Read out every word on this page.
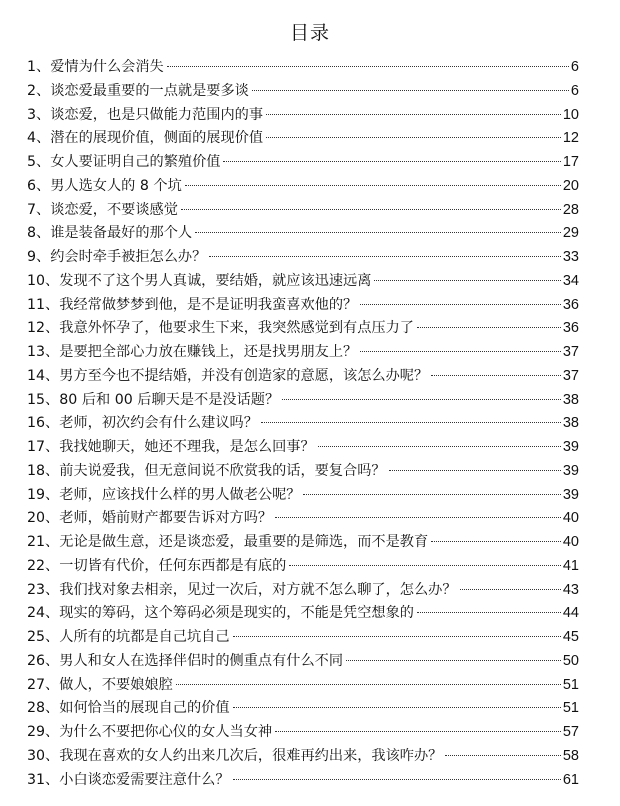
目录
1、 爱情为什么会消失	6
2、 谈恋爱最重要的一点就是要多谈	6
3、 谈恋爱，也是只做能力范围内的事	10
4、 潜在的展现价值，侧面的展现价值	12
5、 女人要证明自己的繁殖价值	17
6、 男人选女人的 8 个坑	20
7、 谈恋爱，不要谈感觉	28
8、 谁是装备最好的那个人	29
9、 约会时牵手被拒怎么办？	33
10、 发现不了这个男人真诚，要结婚，就应该迅速远离	34
11、 我经常做梦梦到他，是不是证明我蛮喜欢他的？	36
12、 我意外怀孕了，他要求生下来，我突然感觉到有点压力了	36
13、 是要把全部心力放在赚钱上，还是找男朋友上？	37
14、 男方至今也不提结婚，并没有创造家的意愿，该怎么办呢？	37
15、 80 后和 00 后聊天是不是没话题？	38
16、 老师，初次约会有什么建议吗？	38
17、 我找她聊天，她还不理我，是怎么回事？	39
18、 前夫说爱我，但无意间说不欣赏我的话，要复合吗？	39
19、 老师，应该找什么样的男人做老公呢？	39
20、 老师，婚前财产都要告诉对方吗？	40
21、 无论是做生意，还是谈恋爱，最重要的是筛选，而不是教育	40
22、 一切皆有代价，任何东西都是有底的	41
23、 我们找对象去相亲，见过一次后，对方就不怎么聊了，怎么办？	43
24、 现实的筹码，这个筹码必须是现实的，不能是凭空想象的	44
25、 人所有的坑都是自己坑自己	45
26、 男人和女人在选择伴侣时的侧重点有什么不同	50
27、 做人，不要娘娘腔	51
28、 如何恰当的展现自己的价值	51
29、 为什么不要把你心仪的女人当女神	57
30、 我现在喜欢的女人约出来几次后，很难再约出来，我该咋办？	58
31、 小白谈恋爱需要注意什么？	61
